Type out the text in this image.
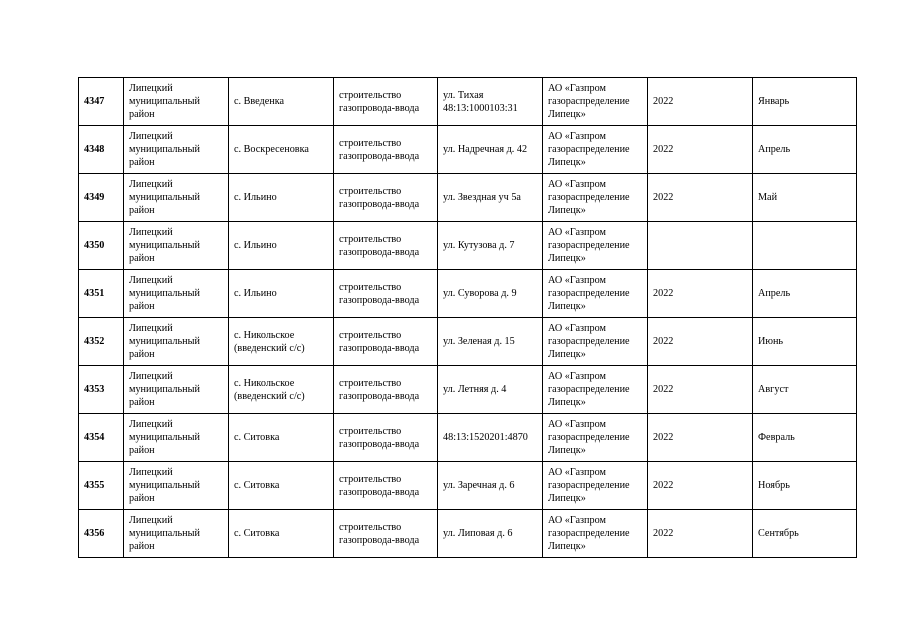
4347	Липецкий
муниципальный
район	с. Введенка	строительство
газопровода-ввода	ул. Тихая
48:13:1000103:31	АО «Газпром
газораспределение
Липецк»	2022	Январь
4348	Липецкий
муниципальный
район	с. Воскресеновка	строительство
газопровода-ввода	ул. Надречная д. 42	АО «Газпром
газораспределение
Липецк»	2022	Апрель
4349	Липецкий
муниципальный
район	с. Ильино	строительство
газопровода-ввода	ул. Звездная уч 5а	АО «Газпром
газораспределение
Липецк»	2022	Май
4350	Липецкий
муниципальный
район	с. Ильино	строительство
газопровода-ввода	ул. Кутузова д. 7	АО «Газпром
газораспределение
Липецк»		

4351	Липецкий
муниципальный
район	с. Ильино	строительство
газопровода-ввода	ул. Суворова д. 9	АО «Газпром
газораспределение
Липецк»	2022	Апрель
4352	Липецкий
муниципальный
район	с. Никольское
(введенский с/с)	строительство
газопровода-ввода	ул. Зеленая д. 15	АО «Газпром
газораспределение
Липецк»	2022	Июнь
4353	Липецкий
муниципальный
район	с. Никольское
(введенский с/с)	строительство
газопровода-ввода	ул. Летняя д. 4	АО «Газпром
газораспределение
Липецк»	2022	Август
4354	Липецкий
муниципальный
район	с. Ситовка	строительство
газопровода-ввода	48:13:1520201:4870	АО «Газпром
газораспределение
Липецк»	2022	Февраль
4355	Липецкий
муниципальный
район	с. Ситовка	строительство
газопровода-ввода	ул. Заречная д. 6	АО «Газпром
газораспределение
Липецк»	2022	Ноябрь
4356	Липецкий
муниципальный
район	с. Ситовка	строительство
газопровода-ввода	ул. Липовая д. 6	АО «Газпром
газораспределение
Липецк»	2022	Сентябрь
